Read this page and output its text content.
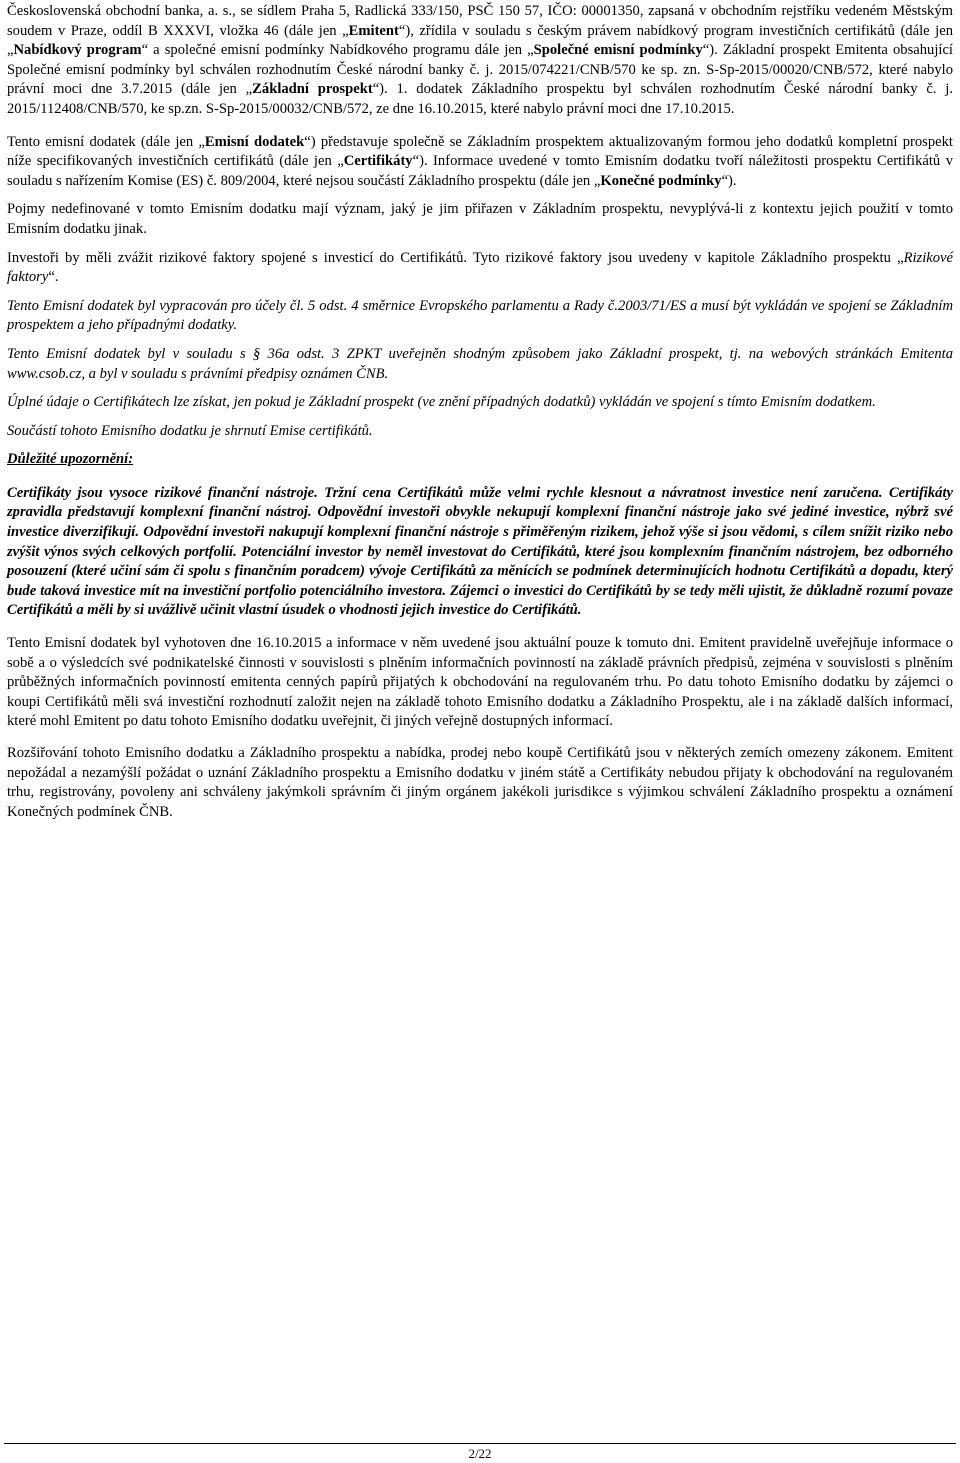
Československá obchodní banka, a. s., se sídlem Praha 5, Radlická 333/150, PSČ 150 57, IČO: 00001350, zapsaná v obchodním rejstříku vedeném Městským soudem v Praze, oddíl B XXXVI, vložka 46 (dále jen „Emitent“), zřídila v souladu s českým právem nabídkový program investičních certifikátů (dále jen „Nabídkový program“ a společné emisní podmínky Nabídkového programu dále jen „Společné emisní podmínky“). Základní prospekt Emitenta obsahující Společné emisní podmínky byl schválen rozhodnutím České národní banky č. j. 2015/074221/CNB/570 ke sp. zn. S-Sp-2015/00020/CNB/572, které nabylo právní moci dne 3.7.2015 (dále jen „Základní prospekt“). 1. dodatek Základního prospektu byl schválen rozhodnutím České národní banky č. j. 2015/112408/CNB/570, ke sp.zn. S-Sp-2015/00032/CNB/572, ze dne 16.10.2015, které nabylo právní moci dne 17.10.2015.

Tento emisní dodatek (dále jen „Emisní dodatek“) představuje společně se Základním prospektem aktualizovaným formou jeho dodatků kompletní prospekt níže specifikovaných investičních certifikátů (dále jen „Certifikáty“). Informace uvedené v tomto Emisním dodatku tvoří náležitosti prospektu Certifikátů v souladu s nařízením Komise (ES) č. 809/2004, které nejsou součástí Základního prospektu (dále jen „Konečné podmínky“).

Pojmy nedefinované v tomto Emisním dodatku mají význam, jaký je jim přiřazen v Základním prospektu, nevyplývá-li z kontextu jejich použití v tomto Emisním dodatku jinak.

Investoři by měli zvážit rizikové faktory spojené s investicí do Certifikátů. Tyto rizikové faktory jsou uvedeny v kapitole Základního prospektu „Rizikové faktory“.

Tento Emisní dodatek byl vypracován pro účely čl. 5 odst. 4 směrnice Evropského parlamentu a Rady č.2003/71/ES a musí být vykládán ve spojení se Základním prospektem a jeho případnými dodatky.

Tento Emisní dodatek byl v souladu s § 36a odst. 3 ZPKT uveřejněn shodným způsobem jako Základní prospekt, tj. na webových stránkách Emitenta www.csob.cz, a byl v souladu s právními předpisy oznámen ČNB.

Úplné údaje o Certifikátech lze získat, jen pokud je Základní prospekt (ve znění případných dodatků) vykládán ve spojení s tímto Emisním dodatkem.

Součástí tohoto Emisního dodatku je shrnutí Emise certifikátů.

Důležité upozornění:

Certifikáty jsou vysoce rizikové finanční nástroje. Tržní cena Certifikátů může velmi rychle klesnout a návratnost investice není zaručena. Certifikáty zpravidla představují komplexní finanční nástroj. Odpovědní investoři obvykle nekupují komplexní finanční nástroje jako své jediné investice, nýbrž své investice diverzifikují. Odpovědní investoři nakupují komplexní finanční nástroje s přiměřeným rizikem, jehož výše si jsou vědomi, s cílem snížit riziko nebo zvýšit výnos svých celkových portfolií. Potenciální investor by neměl investovat do Certifikátů, které jsou komplexním finančním nástrojem, bez odborného posouzení (které učiní sám či spolu s finančním poradcem) vývoje Certifikátů za měnících se podmínek determinujících hodnotu Certifikátů a dopadu, který bude taková investice mít na investiční portfolio potenciálního investora. Zájemci o investici do Certifikátů by se tedy měli ujistit, že důkladně rozumí povaze Certifikátů a měli by si uvážlivě učinit vlastní úsudek o vhodnosti jejich investice do Certifikátů.

Tento Emisní dodatek byl vyhotoven dne 16.10.2015 a informace v něm uvedené jsou aktuální pouze k tomuto dni. Emitent pravidelně uveřejňuje informace o sobě a o výsledcích své podnikatelské činnosti v souvislosti s plněním informačních povinností na základě právních předpisů, zejména v souvislosti s plněním průběžných informačních povinností emitenta cenných papírů přijatých k obchodování na regulovaném trhu. Po datu tohoto Emisního dodatku by zájemci o koupi Certifikátů měli svá investiční rozhodnutí založit nejen na základě tohoto Emisního dodatku a Základního Prospektu, ale i na základě dalších informací, které mohl Emitent po datu tohoto Emisního dodatku uveřejnit, či jiných veřejně dostupných informací.

Rozšiřování tohoto Emisního dodatku a Základního prospektu a nabídka, prodej nebo koupě Certifikátů jsou v některých zemích omezeny zákonem. Emitent nepožádal a nezamýšlí požádat o uznání Základního prospektu a Emisního dodatku v jiném státě a Certifikáty nebudou přijaty k obchodování na regulovaném trhu, registrovány, povoleny ani schváleny jakýmkoli správním či jiným orgánem jakékoli jurisdikce s výjimkou schválení Základního prospektu a oznámení Konečných podmínek ČNB.

2/22
